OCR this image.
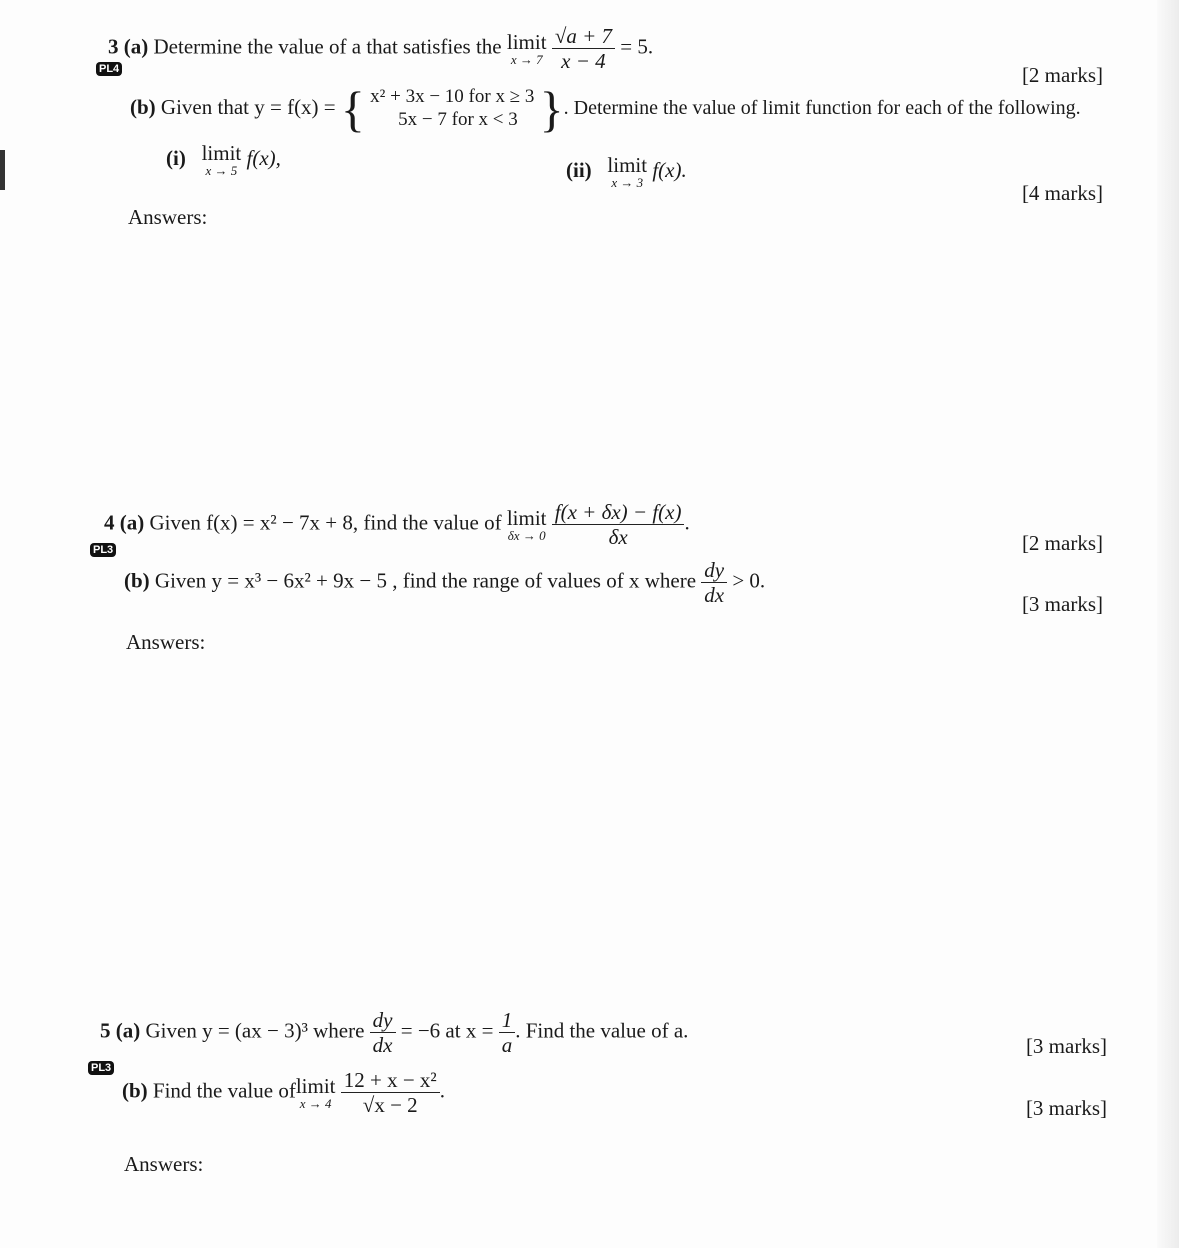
3 (a) Determine the value of a that satisfies the limit
x → 7
$\frac{√a + 7}{x - 4} = 5$.
PL4	[2 marks]
(b) Given that y = f(x) = { x² + 3x − 10 for x ≥ 3
5x − 7 for x < 3 }. Determine the value of limit function for each of the following.
(i) limit
x → 5
f(x),	(ii) limit
x → 3
f(x).
[4 marks]
Answers:
4 (a) Given f(x) = x² − 7x + 8, find the value of limit
δx → 0
$\frac{f(x + \delta x) - f(x)}{\delta x}$ .
PL3	[2 marks]
(b) Given y = x³ − 6x² + 9x − 5 , find the range of values of x where $\frac{dy}{dx} > 0$.
[3 marks]
Answers:
5 (a) Given y = (ax − 3)³ where $\frac{dy}{dx} = -6$ at $x = \frac{1}{a}$ . Find the value of a.
PL3
[3 marks]
(b) Find the value oflimit
x → 4
$\frac{\text{12 + x − x²}}{√x - 2}$ .
[3 marks]
Answers:
